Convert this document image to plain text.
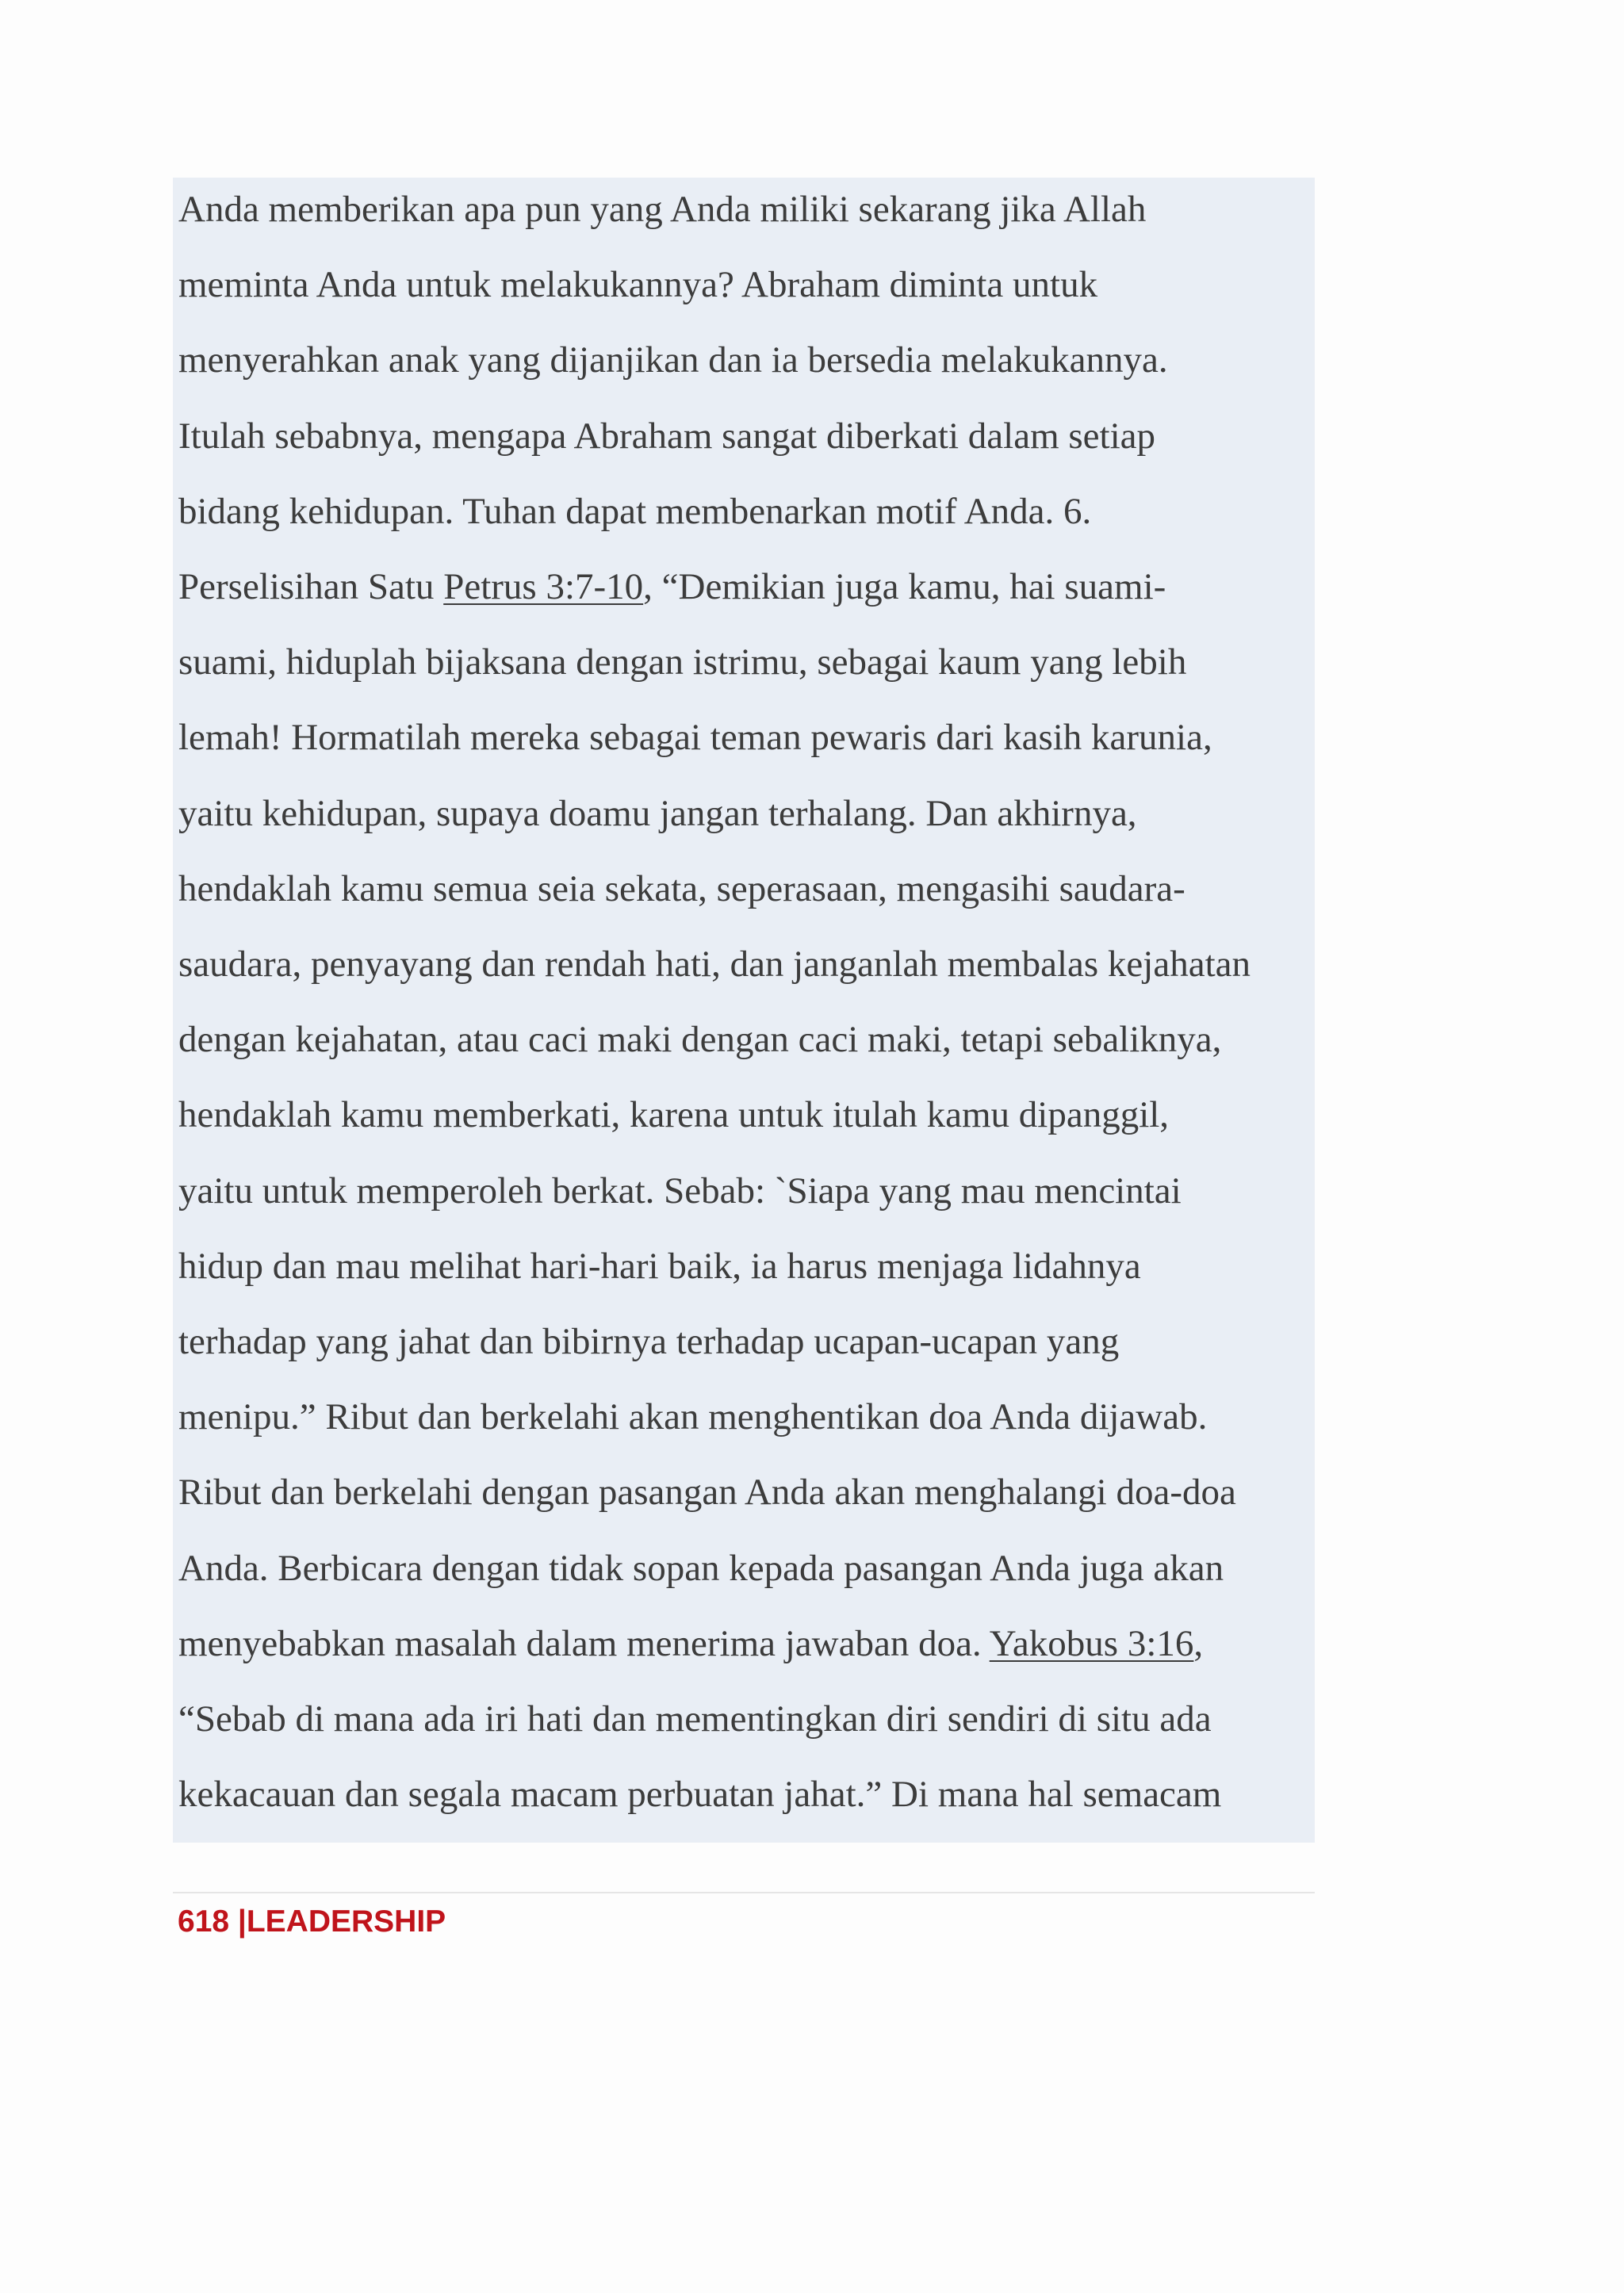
Anda memberikan apa pun yang Anda miliki sekarang jika Allah
meminta Anda untuk melakukannya? Abraham diminta untuk
menyerahkan anak yang dijanjikan dan ia bersedia melakukannya.
Itulah sebabnya, mengapa Abraham sangat diberkati dalam setiap
bidang kehidupan. Tuhan dapat membenarkan motif Anda. 6.
Perselisihan Satu Petrus 3:7-10, “Demikian juga kamu, hai suami-
suami, hiduplah bijaksana dengan istrimu, sebagai kaum yang lebih
lemah! Hormatilah mereka sebagai teman pewaris dari kasih karunia,
yaitu kehidupan, supaya doamu jangan terhalang. Dan akhirnya,
hendaklah kamu semua seia sekata, seperasaan, mengasihi saudara-
saudara, penyayang dan rendah hati, dan janganlah membalas kejahatan
dengan kejahatan, atau caci maki dengan caci maki, tetapi sebaliknya,
hendaklah kamu memberkati, karena untuk itulah kamu dipanggil,
yaitu untuk memperoleh berkat. Sebab: `Siapa yang mau mencintai
hidup dan mau melihat hari-hari baik, ia harus menjaga lidahnya
terhadap yang jahat dan bibirnya terhadap ucapan-ucapan yang
menipu.” Ribut dan berkelahi akan menghentikan doa Anda dijawab.
Ribut dan berkelahi dengan pasangan Anda akan menghalangi doa-doa
Anda. Berbicara dengan tidak sopan kepada pasangan Anda juga akan
menyebabkan masalah dalam menerima jawaban doa. Yakobus 3:16,
“Sebab di mana ada iri hati dan mementingkan diri sendiri di situ ada
kekacauan dan segala macam perbuatan jahat.” Di mana hal semacam
618 |LEADERSHIP
